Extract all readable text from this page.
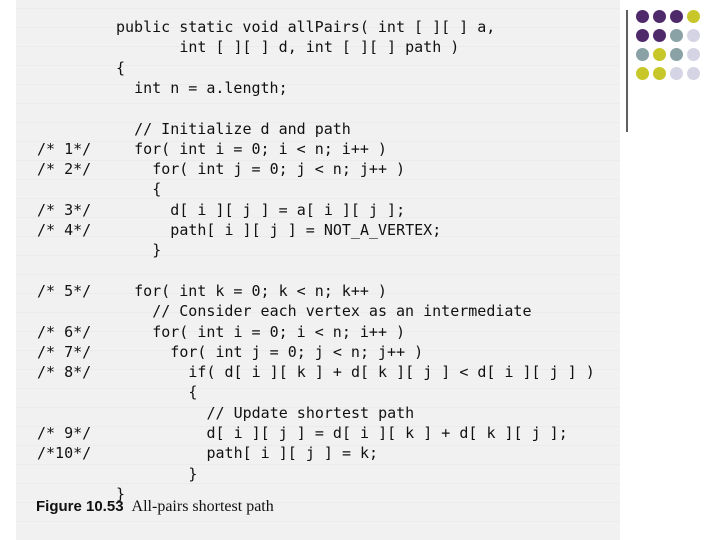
public static void allPairs( int [ ][ ] a,
int [ ][ ] d, int [ ][ ] path )
{
int n = a.length;
// Initialize d and path
/* 1*/	for( int i = 0; i < n; i++ )
/* 2*/	for( int j = 0; j < n; j++ )
{
/* 3*/	d[ i ][ j ] = a[ i ][ j ];
/* 4*/	path[ i ][ j ] = NOT_A_VERTEX;
}
/* 5*/	for( int k = 0; k < n; k++ )
// Consider each vertex as an intermediate
/* 6*/	for( int i = 0; i < n; i++ )
/* 7*/	for( int j = 0; j < n; j++ )
/* 8*/	if( d[ i ][ k ] + d[ k ][ j ] < d[ i ][ j ] )
{
// Update shortest path
/* 9*/	d[ i ][ j ] = d[ i ][ k ] + d[ k ][ j ];
/*10*/	path[ i ][ j ] = k;
}
}
Figure 10.53 All-pairs shortest path
